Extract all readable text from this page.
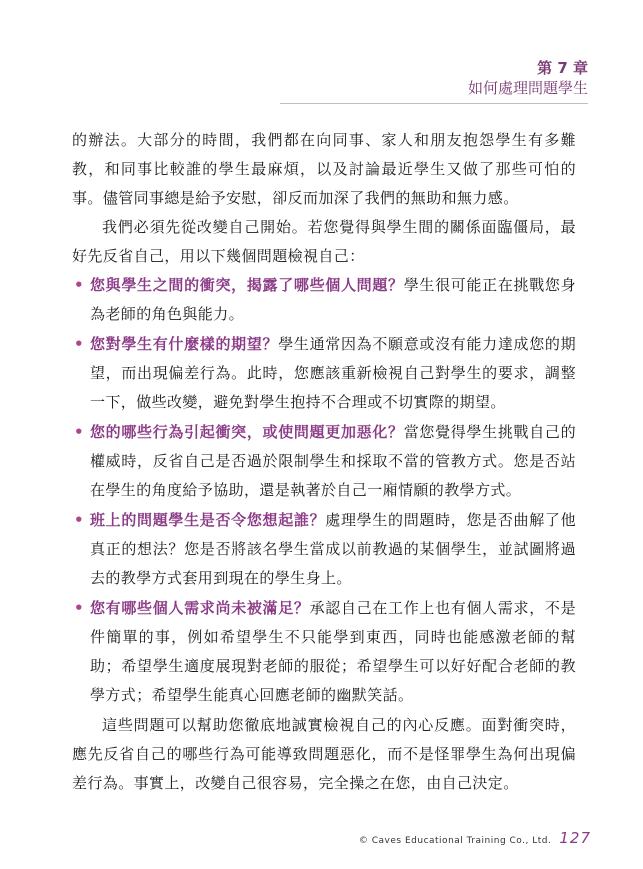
第 7 章
如何處理問題學生

的辦法。大部分的時間，我們都在向同事、家人和朋友抱怨學生有多難教，和同事比較誰的學生最麻煩，以及討論最近學生又做了那些可怕的事。儘管同事總是給予安慰，卻反而加深了我們的無助和無力感。

我們必須先從改變自己開始。若您覺得與學生間的關係面臨僵局，最好先反省自己，用以下幾個問題檢視自己：

• 您與學生之間的衝突，揭露了哪些個人問題？學生很可能正在挑戰您身為老師的角色與能力。
• 您對學生有什麼樣的期望？學生通常因為不願意或沒有能力達成您的期望，而出現偏差行為。此時，您應該重新檢視自己對學生的要求，調整一下，做些改變，避免對學生抱持不合理或不切實際的期望。
• 您的哪些行為引起衝突，或使問題更加惡化？當您覺得學生挑戰自己的權威時，反省自己是否過於限制學生和採取不當的管教方式。您是否站在學生的角度給予協助，還是執著於自己一廂情願的教學方式。
• 班上的問題學生是否令您想起誰？處理學生的問題時，您是否曲解了他真正的想法？您是否將該名學生當成以前教過的某個學生，並試圖將過去的教學方式套用到現在的學生身上。
• 您有哪些個人需求尚未被滿足？承認自己在工作上也有個人需求，不是件簡單的事，例如希望學生不只能學到東西，同時也能感激老師的幫助；希望學生適度展現對老師的服從；希望學生可以好好配合老師的教學方式；希望學生能真心回應老師的幽默笑話。

這些問題可以幫助您徹底地誠實檢視自己的內心反應。面對衝突時，應先反省自己的哪些行為可能導致問題惡化，而不是怪罪學生為何出現偏差行為。事實上，改變自己很容易，完全操之在您，由自己決定。

© Caves Educational Training Co., Ltd. 127
